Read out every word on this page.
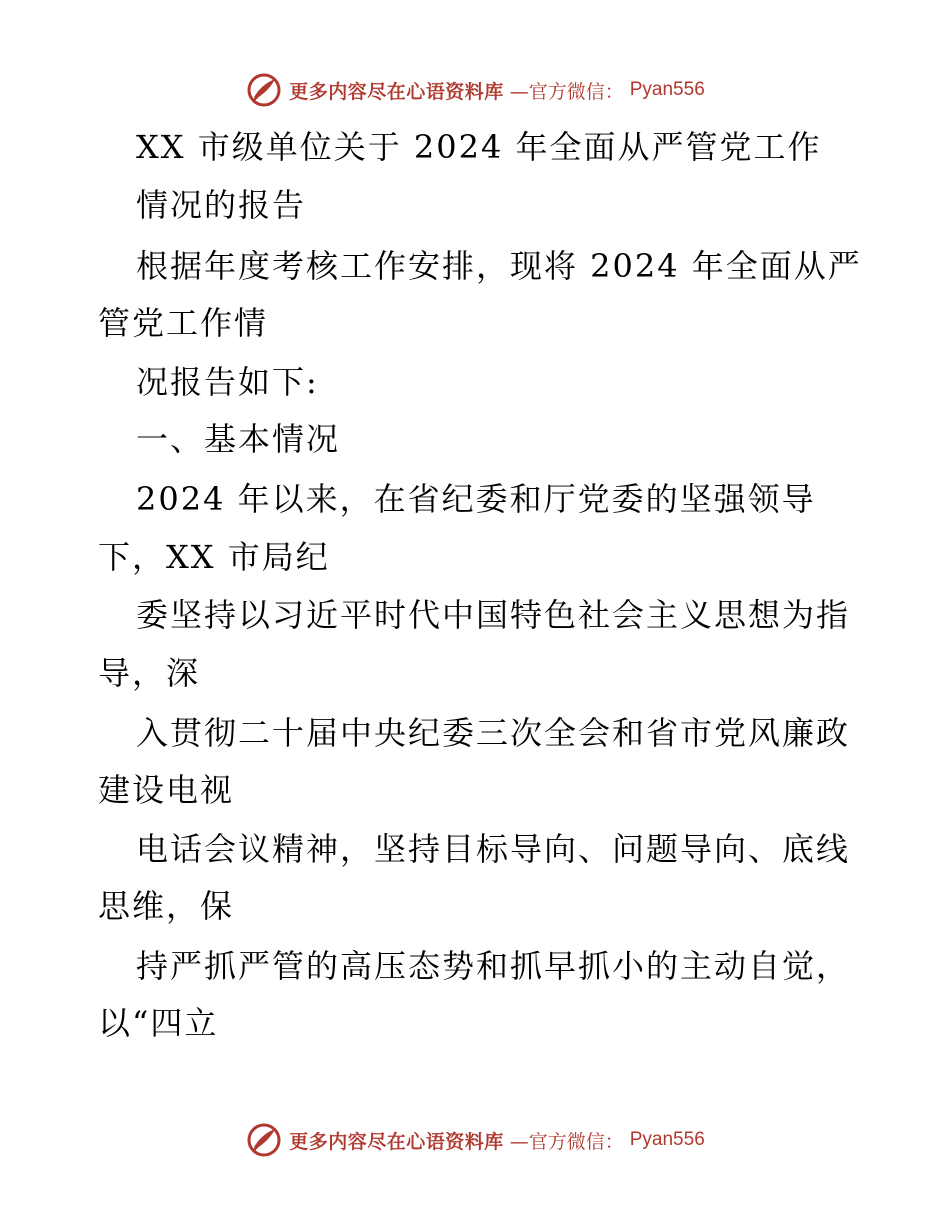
更多内容尽在心语资料库 —官方微信： Pyan556
XX 市级单位关于 2024 年全面从严管党工作
情况的报告
根据年度考核工作安排，现将 2024 年全面从严
管党工作情
况报告如下:
一、基本情况
2024 年以来，在省纪委和厅党委的坚强领导
下，XX 市局纪
委坚持以习近平时代中国特色社会主义思想为指
导，深
入贯彻二十届中央纪委三次全会和省市党风廉政
建设电视
电话会议精神，坚持目标导向、问题导向、底线
思维，保
持严抓严管的高压态势和抓早抓小的主动自觉，
以“四立
更多内容尽在心语资料库 —官方微信： Pyan556
